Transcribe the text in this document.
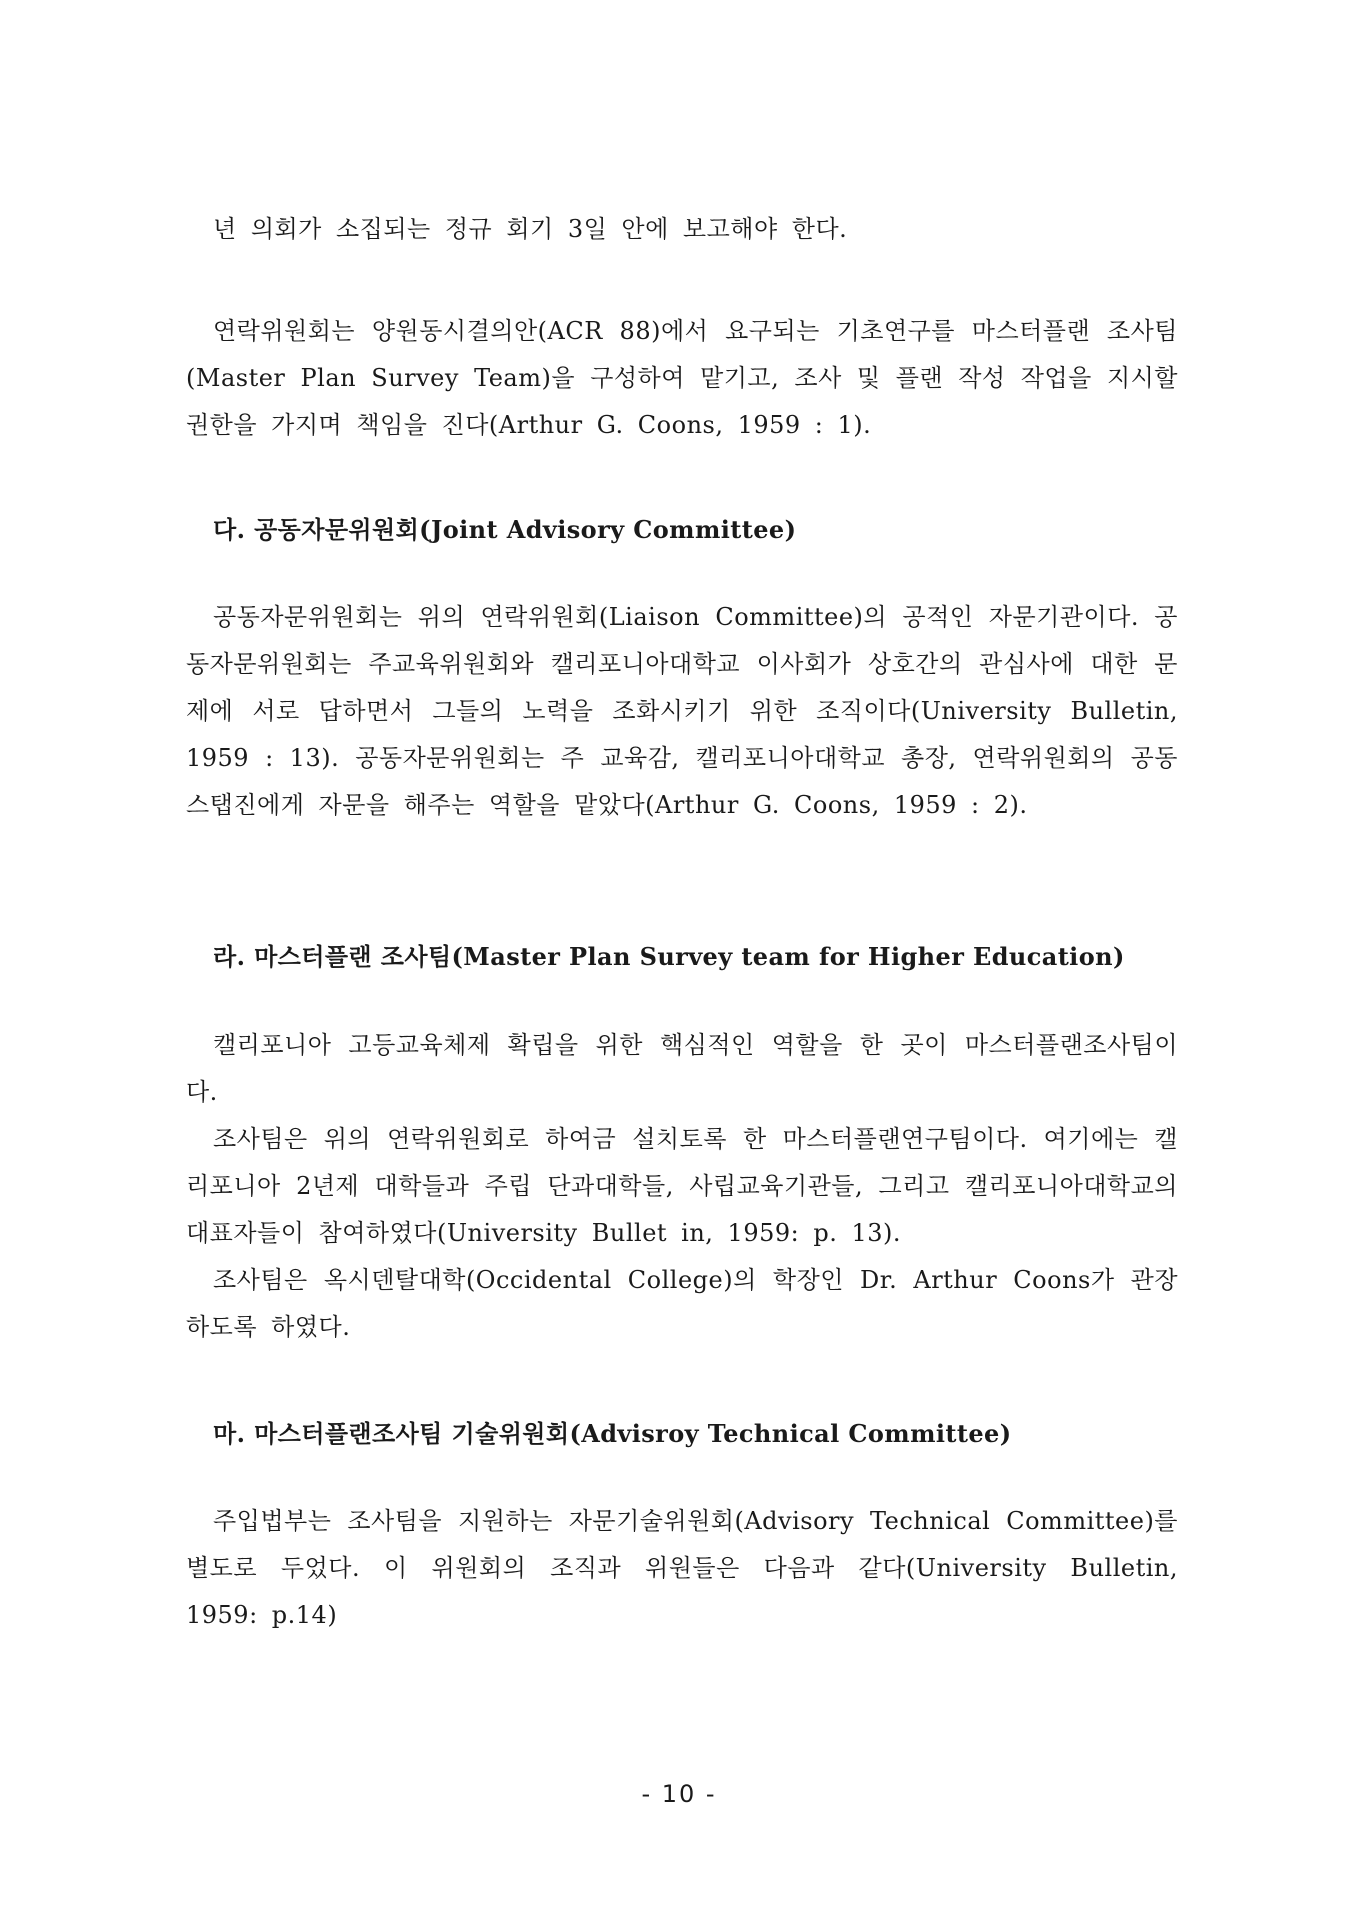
년 의회가 소집되는 정규 회기 3일 안에 보고해야 한다.

연락위원회는 양원동시결의안(ACR 88)에서 요구되는 기초연구를 마스터플랜 조사팀(Master Plan Survey Team)을 구성하여 맡기고, 조사 및 플랜 작성 작업을 지시할 권한을 가지며 책임을 진다(Arthur G. Coons, 1959 : 1).

다. 공동자문위원회(Joint Advisory Committee)

공동자문위원회는 위의 연락위원회(Liaison Committee)의 공적인 자문기관이다. 공동자문위원회는 주교육위원회와 캘리포니아대학교 이사회가 상호간의 관심사에 대한 문제에 서로 답하면서 그들의 노력을 조화시키기 위한 조직이다(University Bulletin, 1959 : 13). 공동자문위원회는 주 교육감, 캘리포니아대학교 총장, 연락위원회의 공동 스탭진에게 자문을 해주는 역할을 맡았다(Arthur G. Coons, 1959 : 2).

라. 마스터플랜 조사팀(Master Plan Survey team for Higher Education)

캘리포니아 고등교육체제 확립을 위한 핵심적인 역할을 한 곳이 마스터플랜조사팀이다.

조사팀은 위의 연락위원회로 하여금 설치토록 한 마스터플랜연구팀이다. 여기에는 캘리포니아 2년제 대학들과 주립 단과대학들, 사립교육기관들, 그리고 캘리포니아대학교의 대표자들이 참여하였다(University Bullet in, 1959: p. 13).

조사팀은 옥시덴탈대학(Occidental College)의 학장인 Dr. Arthur Coons가 관장하도록 하였다.

마. 마스터플랜조사팀 기술위원회(Advisroy Technical Committee)

주입법부는 조사팀을 지원하는 자문기술위원회(Advisory Technical Committee)를 별도로 두었다. 이 위원회의 조직과 위원들은 다음과 같다(University Bulletin, 1959: p.14)

- 10 -
